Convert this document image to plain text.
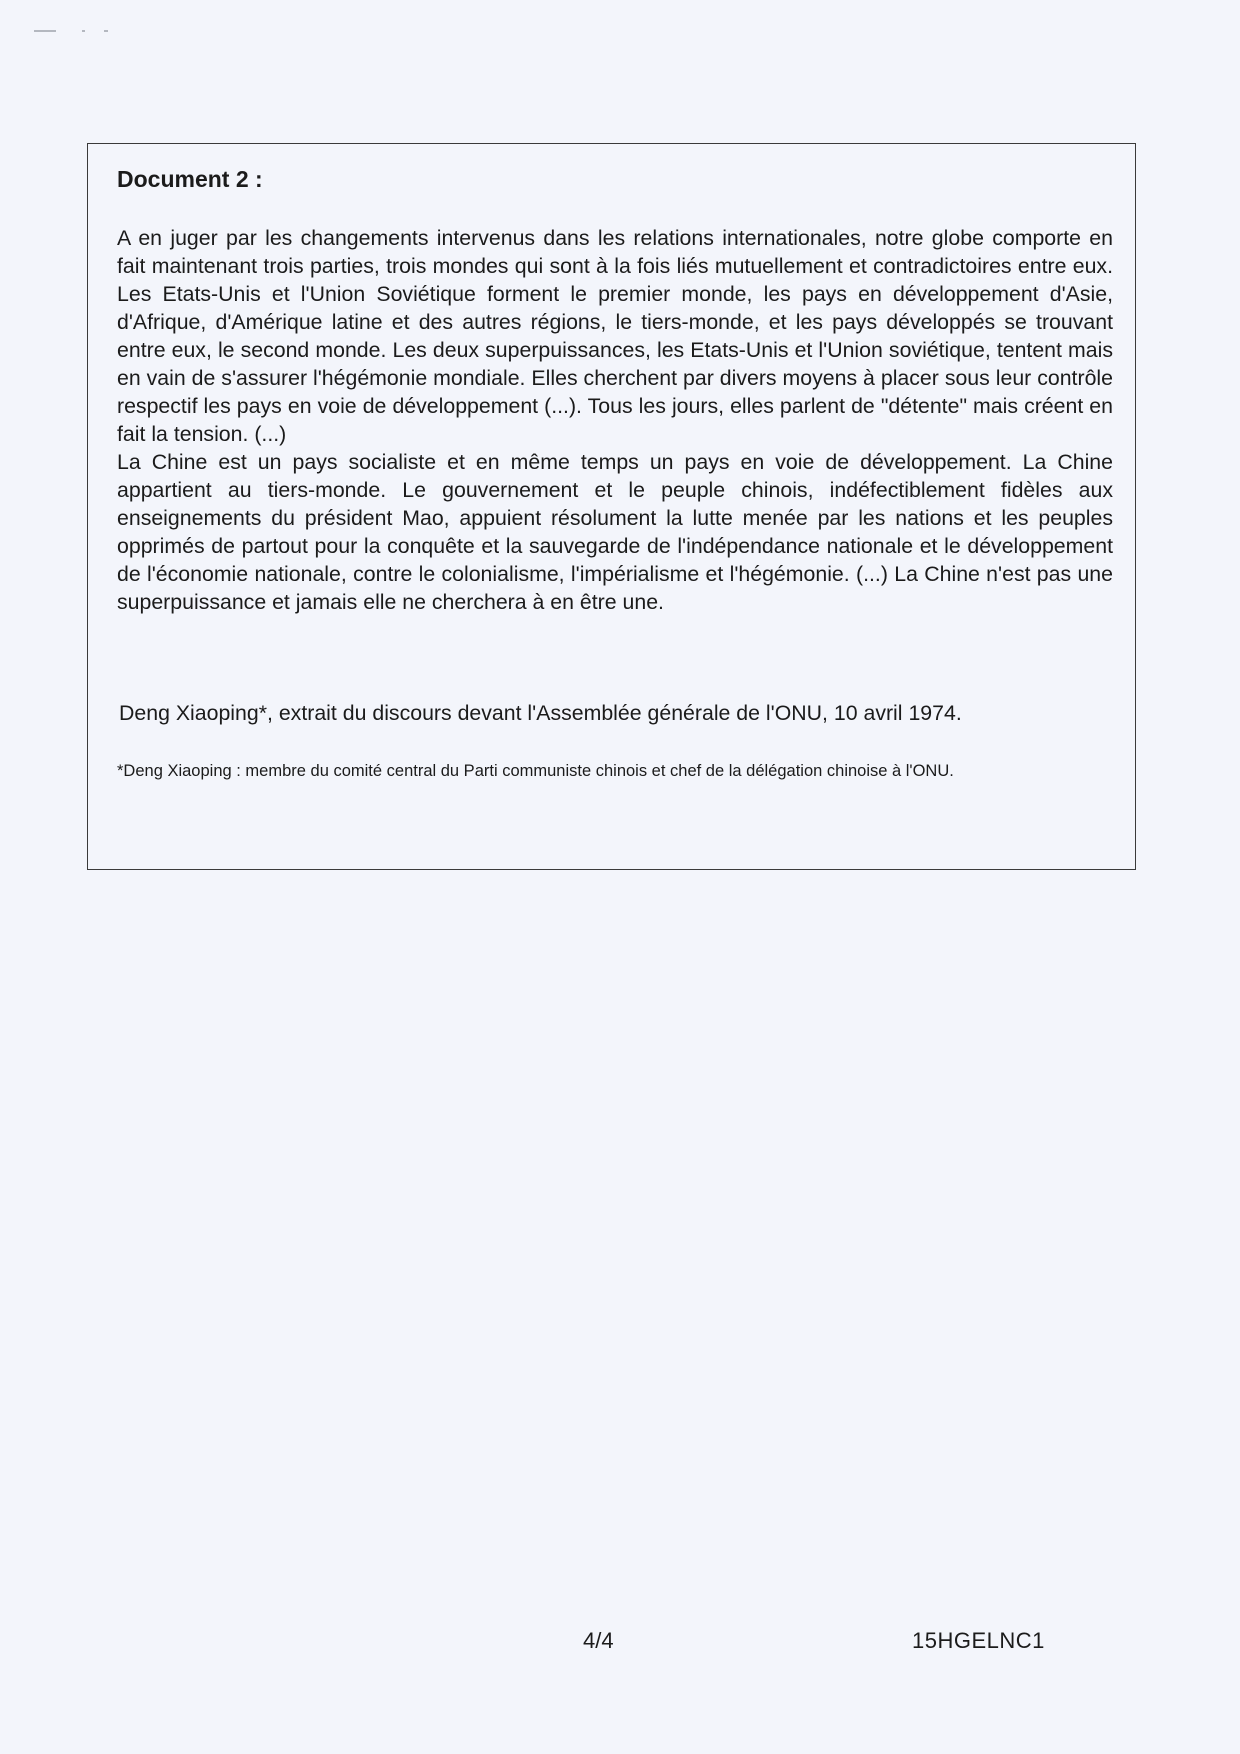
Document 2 :

A en juger par les changements intervenus dans les relations internationales, notre globe comporte en fait maintenant trois parties, trois mondes qui sont à la fois liés mutuellement et contradictoires entre eux. Les Etats-Unis et l'Union Soviétique forment le premier monde, les pays en développement d'Asie, d'Afrique, d'Amérique latine et des autres régions, le tiers-monde, et les pays développés se trouvant entre eux, le second monde. Les deux superpuissances, les Etats-Unis et l'Union soviétique, tentent mais en vain de s'assurer l'hégémonie mondiale. Elles cherchent par divers moyens à placer sous leur contrôle respectif les pays en voie de développement (...). Tous les jours, elles parlent de "détente" mais créent en fait la tension. (...)

La Chine est un pays socialiste et en même temps un pays en voie de développement. La Chine appartient au tiers-monde. Le gouvernement et le peuple chinois, indéfectiblement fidèles aux enseignements du président Mao, appuient résolument la lutte menée par les nations et les peuples opprimés de partout pour la conquête et la sauvegarde de l'indépendance nationale et le développement de l'économie nationale, contre le colonialisme, l'impérialisme et l'hégémonie. (...) La Chine n'est pas une superpuissance et jamais elle ne cherchera à en être une.

Deng Xiaoping*, extrait du discours devant l'Assemblée générale de l'ONU, 10 avril 1974.

*Deng Xiaoping : membre du comité central du Parti communiste chinois et chef de la délégation chinoise à l'ONU.

4/4	15HGELNC1
